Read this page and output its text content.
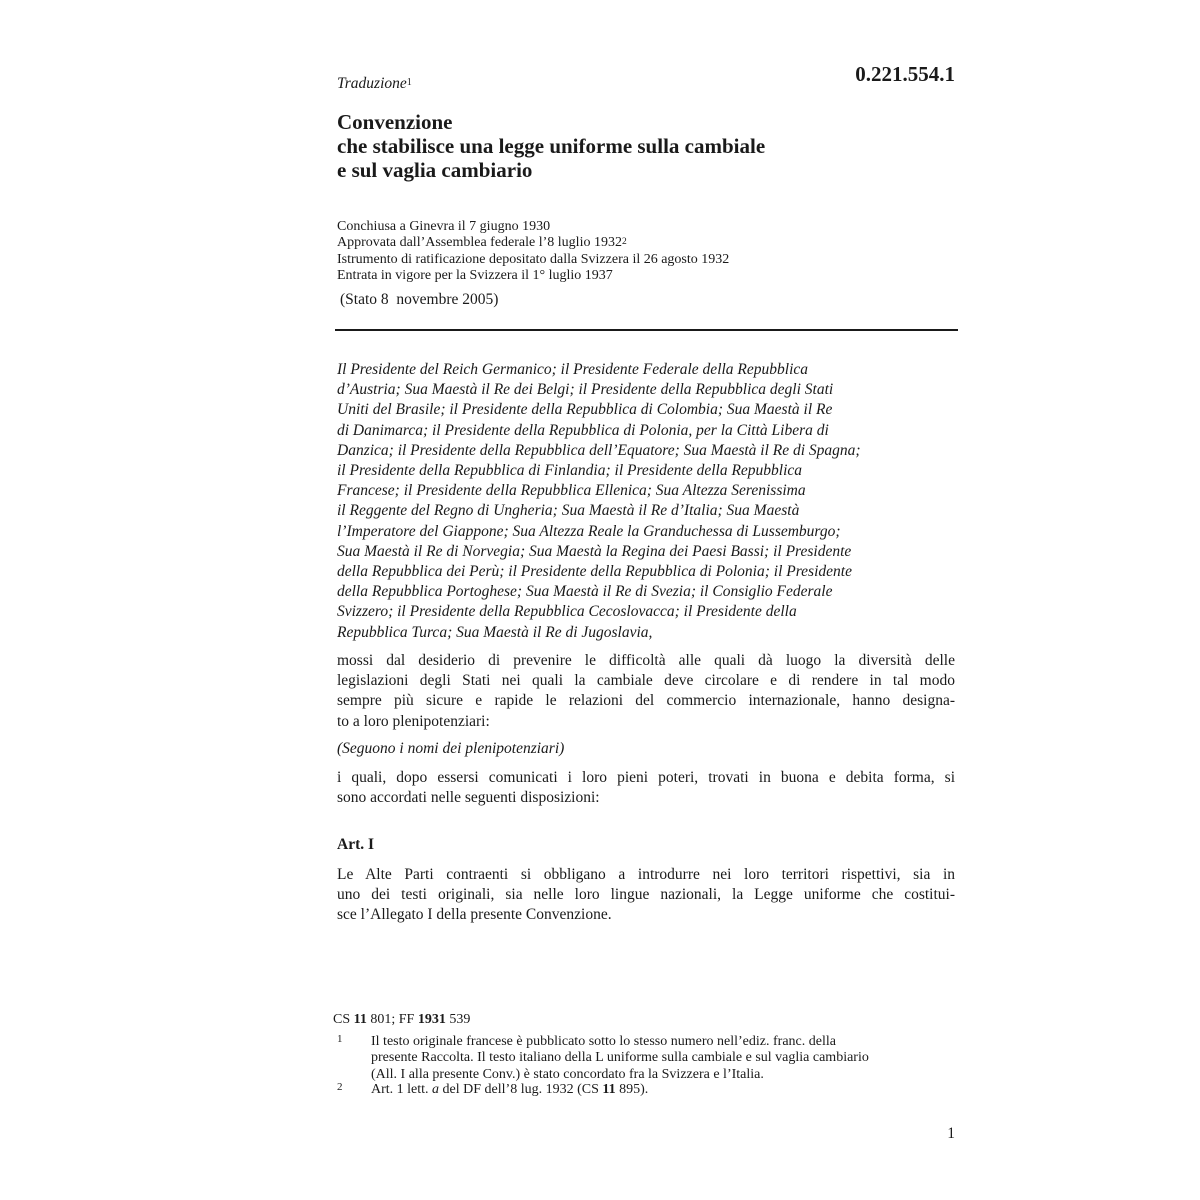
0.221.554.1
Traduzione$^1$
Convenzione
che stabilisce una legge uniforme sulla cambiale
e sul vaglia cambiario
Conchiusa a Ginevra il 7 giugno 1930
Approvata dall’Assemblea federale l’8 luglio 1932$^2$
Istrumento di ratificazione depositato dalla Svizzera il 26 agosto 1932
Entrata in vigore per la Svizzera il 1° luglio 1937
(Stato 8  novembre 2005)
Il Presidente del Reich Germanico; il Presidente Federale della Repubblica
d’Austria; Sua Maestà il Re dei Belgi; il Presidente della Repubblica degli Stati
Uniti del Brasile; il Presidente della Repubblica di Colombia; Sua Maestà il Re
di Danimarca; il Presidente della Repubblica di Polonia, per la Città Libera di
Danzica; il Presidente della Repubblica dell’Equatore; Sua Maestà il Re di Spagna;
il Presidente della Repubblica di Finlandia; il Presidente della Repubblica
Francese; il Presidente della Repubblica Ellenica; Sua Altezza Serenissima
il Reggente del Regno di Ungheria; Sua Maestà il Re d’Italia; Sua Maestà
l’Imperatore del Giappone; Sua Altezza Reale la Granduchessa di Lussemburgo;
Sua Maestà il Re di Norvegia; Sua Maestà la Regina dei Paesi Bassi; il Presidente
della Repubblica dei Perù; il Presidente della Repubblica di Polonia; il Presidente
della Repubblica Portoghese; Sua Maestà il Re di Svezia; il Consiglio Federale
Svizzero; il Presidente della Repubblica Cecoslovacca; il Presidente della
Repubblica Turca; Sua Maestà il Re di Jugoslavia,
mossi dal desiderio di prevenire le difficoltà alle quali dà luogo la diversità delle
legislazioni degli Stati nei quali la cambiale deve circolare e di rendere in tal modo
sempre più sicure e rapide le relazioni del commercio internazionale, hanno designa-
to a loro plenipotenziari:
(Seguono i nomi dei plenipotenziari)
i quali, dopo essersi comunicati i loro pieni poteri, trovati in buona e debita forma, si
sono accordati nelle seguenti disposizioni:
Art. I
Le Alte Parti contraenti si obbligano a introdurre nei loro territori rispettivi, sia in
uno dei testi originali, sia nelle loro lingue nazionali, la Legge uniforme che costitui-
sce l’Allegato I della presente Convenzione.
CS 11 801; FF 1931 539
1 Il testo originale francese è pubblicato sotto lo stesso numero nell’ediz. franc. della
presente Raccolta. Il testo italiano della L uniforme sulla cambiale e sul vaglia cambiario
(All. I alla presente Conv.) è stato concordato fra la Svizzera e l’Italia.
2 Art. 1 lett. a del DF dell’8 lug. 1932 (CS 11 895).
1
